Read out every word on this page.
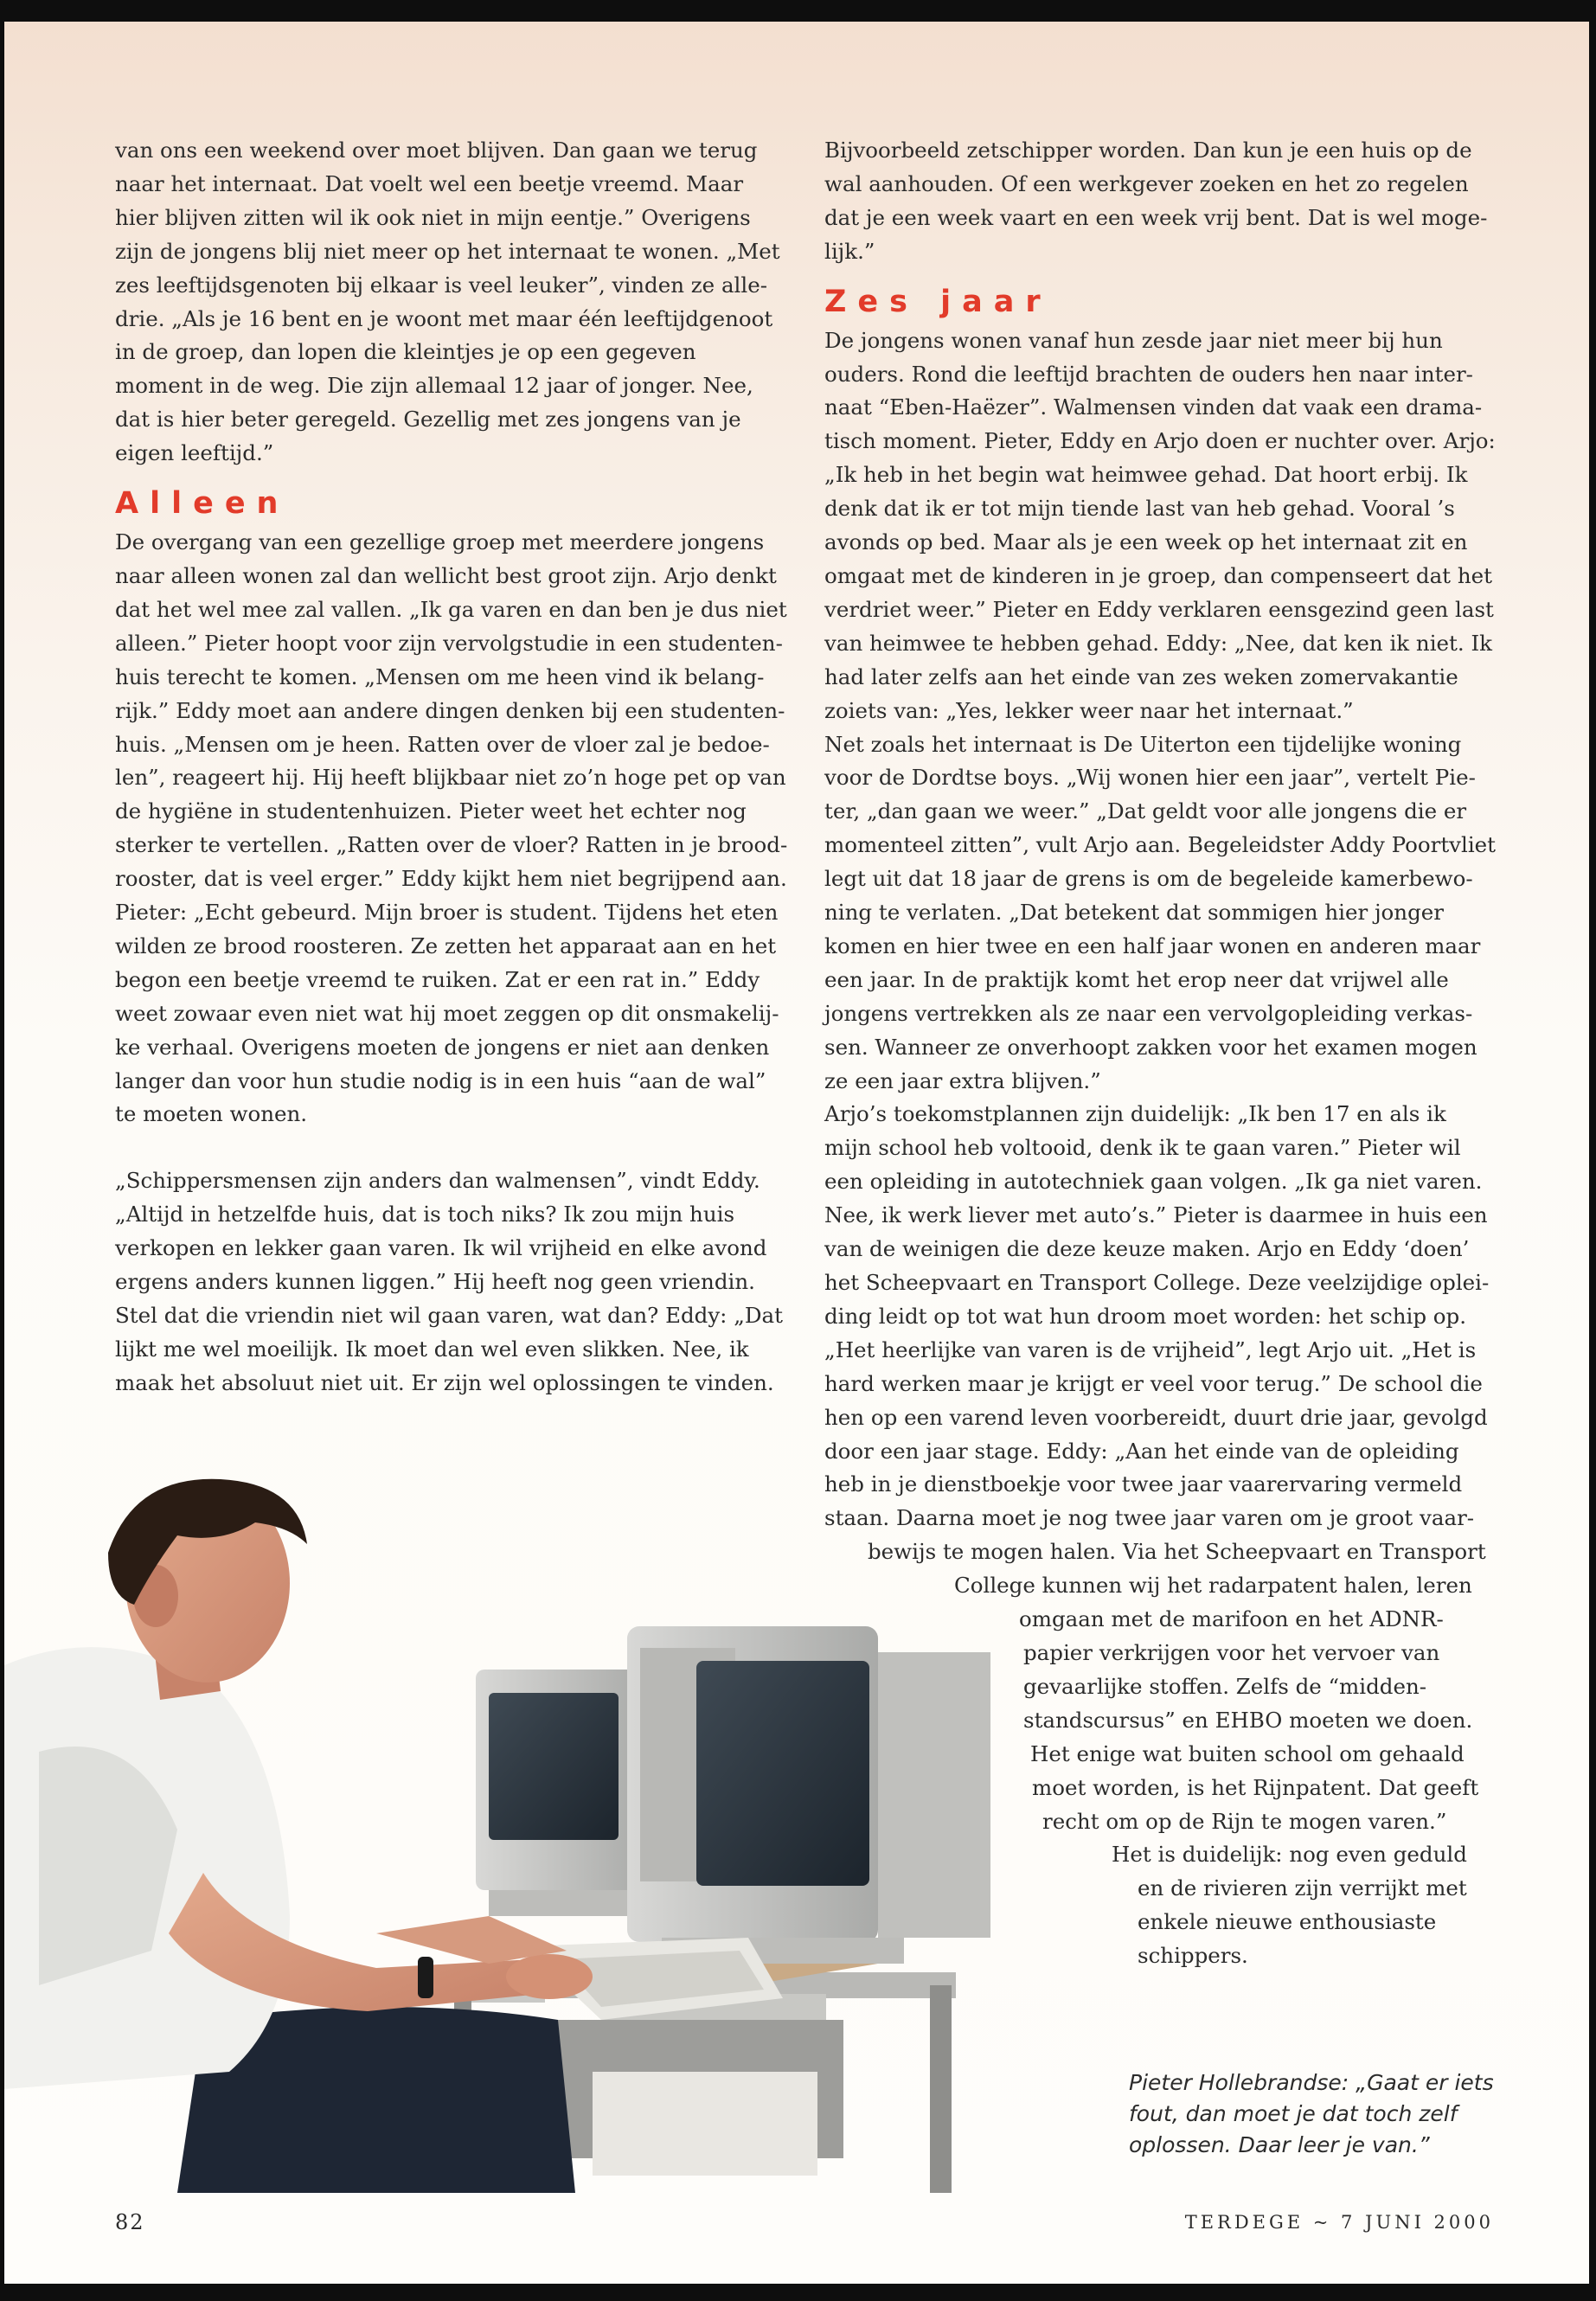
van ons een weekend over moet blijven. Dan gaan we terug
naar het internaat. Dat voelt wel een beetje vreemd. Maar
hier blijven zitten wil ik ook niet in mijn eentje.” Overigens
zijn de jongens blij niet meer op het internaat te wonen. „Met
zes leeftijdsgenoten bij elkaar is veel leuker”, vinden ze alle-
drie. „Als je 16 bent en je woont met maar één leeftijdgenoot
in de groep, dan lopen die kleintjes je op een gegeven
moment in de weg. Die zijn allemaal 12 jaar of jonger. Nee,
dat is hier beter geregeld. Gezellig met zes jongens van je
eigen leeftijd.”

Alleen

De overgang van een gezellige groep met meerdere jongens
naar alleen wonen zal dan wellicht best groot zijn. Arjo denkt
dat het wel mee zal vallen. „Ik ga varen en dan ben je dus niet
alleen.” Pieter hoopt voor zijn vervolgstudie in een studenten-
huis terecht te komen. „Mensen om me heen vind ik belang-
rijk.” Eddy moet aan andere dingen denken bij een studenten-
huis. „Mensen om je heen. Ratten over de vloer zal je bedoe-
len”, reageert hij. Hij heeft blijkbaar niet zo’n hoge pet op van
de hygiëne in studentenhuizen. Pieter weet het echter nog
sterker te vertellen. „Ratten over de vloer? Ratten in je brood-
rooster, dat is veel erger.” Eddy kijkt hem niet begrijpend aan.
Pieter: „Echt gebeurd. Mijn broer is student. Tijdens het eten
wilden ze brood roosteren. Ze zetten het apparaat aan en het
begon een beetje vreemd te ruiken. Zat er een rat in.” Eddy
weet zowaar even niet wat hij moet zeggen op dit onsmakelij-
ke verhaal. Overigens moeten de jongens er niet aan denken
langer dan voor hun studie nodig is in een huis “aan de wal”
te moeten wonen.

„Schippersmensen zijn anders dan walmensen”, vindt Eddy.
„Altijd in hetzelfde huis, dat is toch niks? Ik zou mijn huis
verkopen en lekker gaan varen. Ik wil vrijheid en elke avond
ergens anders kunnen liggen.” Hij heeft nog geen vriendin.
Stel dat die vriendin niet wil gaan varen, wat dan? Eddy: „Dat
lijkt me wel moeilijk. Ik moet dan wel even slikken. Nee, ik
maak het absoluut niet uit. Er zijn wel oplossingen te vinden.

Bijvoorbeeld zetschipper worden. Dan kun je een huis op de
wal aanhouden. Of een werkgever zoeken en het zo regelen
dat je een week vaart en een week vrij bent. Dat is wel moge-
lijk.”

Zes jaar

De jongens wonen vanaf hun zesde jaar niet meer bij hun
ouders. Rond die leeftijd brachten de ouders hen naar inter-
naat “Eben-Haëzer”. Walmensen vinden dat vaak een drama-
tisch moment. Pieter, Eddy en Arjo doen er nuchter over. Arjo:
„Ik heb in het begin wat heimwee gehad. Dat hoort erbij. Ik
denk dat ik er tot mijn tiende last van heb gehad. Vooral ’s
avonds op bed. Maar als je een week op het internaat zit en
omgaat met de kinderen in je groep, dan compenseert dat het
verdriet weer.” Pieter en Eddy verklaren eensgezind geen last
van heimwee te hebben gehad. Eddy: „Nee, dat ken ik niet. Ik
had later zelfs aan het einde van zes weken zomervakantie
zoiets van: „Yes, lekker weer naar het internaat.”
Net zoals het internaat is De Uiterton een tijdelijke woning
voor de Dordtse boys. „Wij wonen hier een jaar”, vertelt Pie-
ter, „dan gaan we weer.” „Dat geldt voor alle jongens die er
momenteel zitten”, vult Arjo aan. Begeleidster Addy Poortvliet
legt uit dat 18 jaar de grens is om de begeleide kamerbewo-
ning te verlaten. „Dat betekent dat sommigen hier jonger
komen en hier twee en een half jaar wonen en anderen maar
een jaar. In de praktijk komt het erop neer dat vrijwel alle
jongens vertrekken als ze naar een vervolgopleiding verkas-
sen. Wanneer ze onverhoopt zakken voor het examen mogen
ze een jaar extra blijven.”
Arjo’s toekomstplannen zijn duidelijk: „Ik ben 17 en als ik
mijn school heb voltooid, denk ik te gaan varen.” Pieter wil
een opleiding in autotechniek gaan volgen. „Ik ga niet varen.
Nee, ik werk liever met auto’s.” Pieter is daarmee in huis een
van de weinigen die deze keuze maken. Arjo en Eddy ‘doen’
het Scheepvaart en Transport College. Deze veelzijdige oplei-
ding leidt op tot wat hun droom moet worden: het schip op.
„Het heerlijke van varen is de vrijheid”, legt Arjo uit. „Het is
hard werken maar je krijgt er veel voor terug.” De school die
hen op een varend leven voorbereidt, duurt drie jaar, gevolgd
door een jaar stage. Eddy: „Aan het einde van de opleiding
heb in je dienstboekje voor twee jaar vaarervaring vermeld
staan. Daarna moet je nog twee jaar varen om je groot vaar-
bewijs te mogen halen. Via het Scheepvaart en Transport
College kunnen wij het radarpatent halen, leren
omgaan met de marifoon en het ADNR-
papier verkrijgen voor het vervoer van
gevaarlijke stoffen. Zelfs de “midden-
standscursus” en EHBO moeten we doen.
Het enige wat buiten school om gehaald
moet worden, is het Rijnpatent. Dat geeft
recht om op de Rijn te mogen varen.”
Het is duidelijk: nog even geduld
en de rivieren zijn verrijkt met
enkele nieuwe enthousiaste
schippers.

Pieter Hollebrandse: „Gaat er iets
fout, dan moet je dat toch zelf
oplossen. Daar leer je van.”
82	TERDEGE ~ 7 JUNI 2000
